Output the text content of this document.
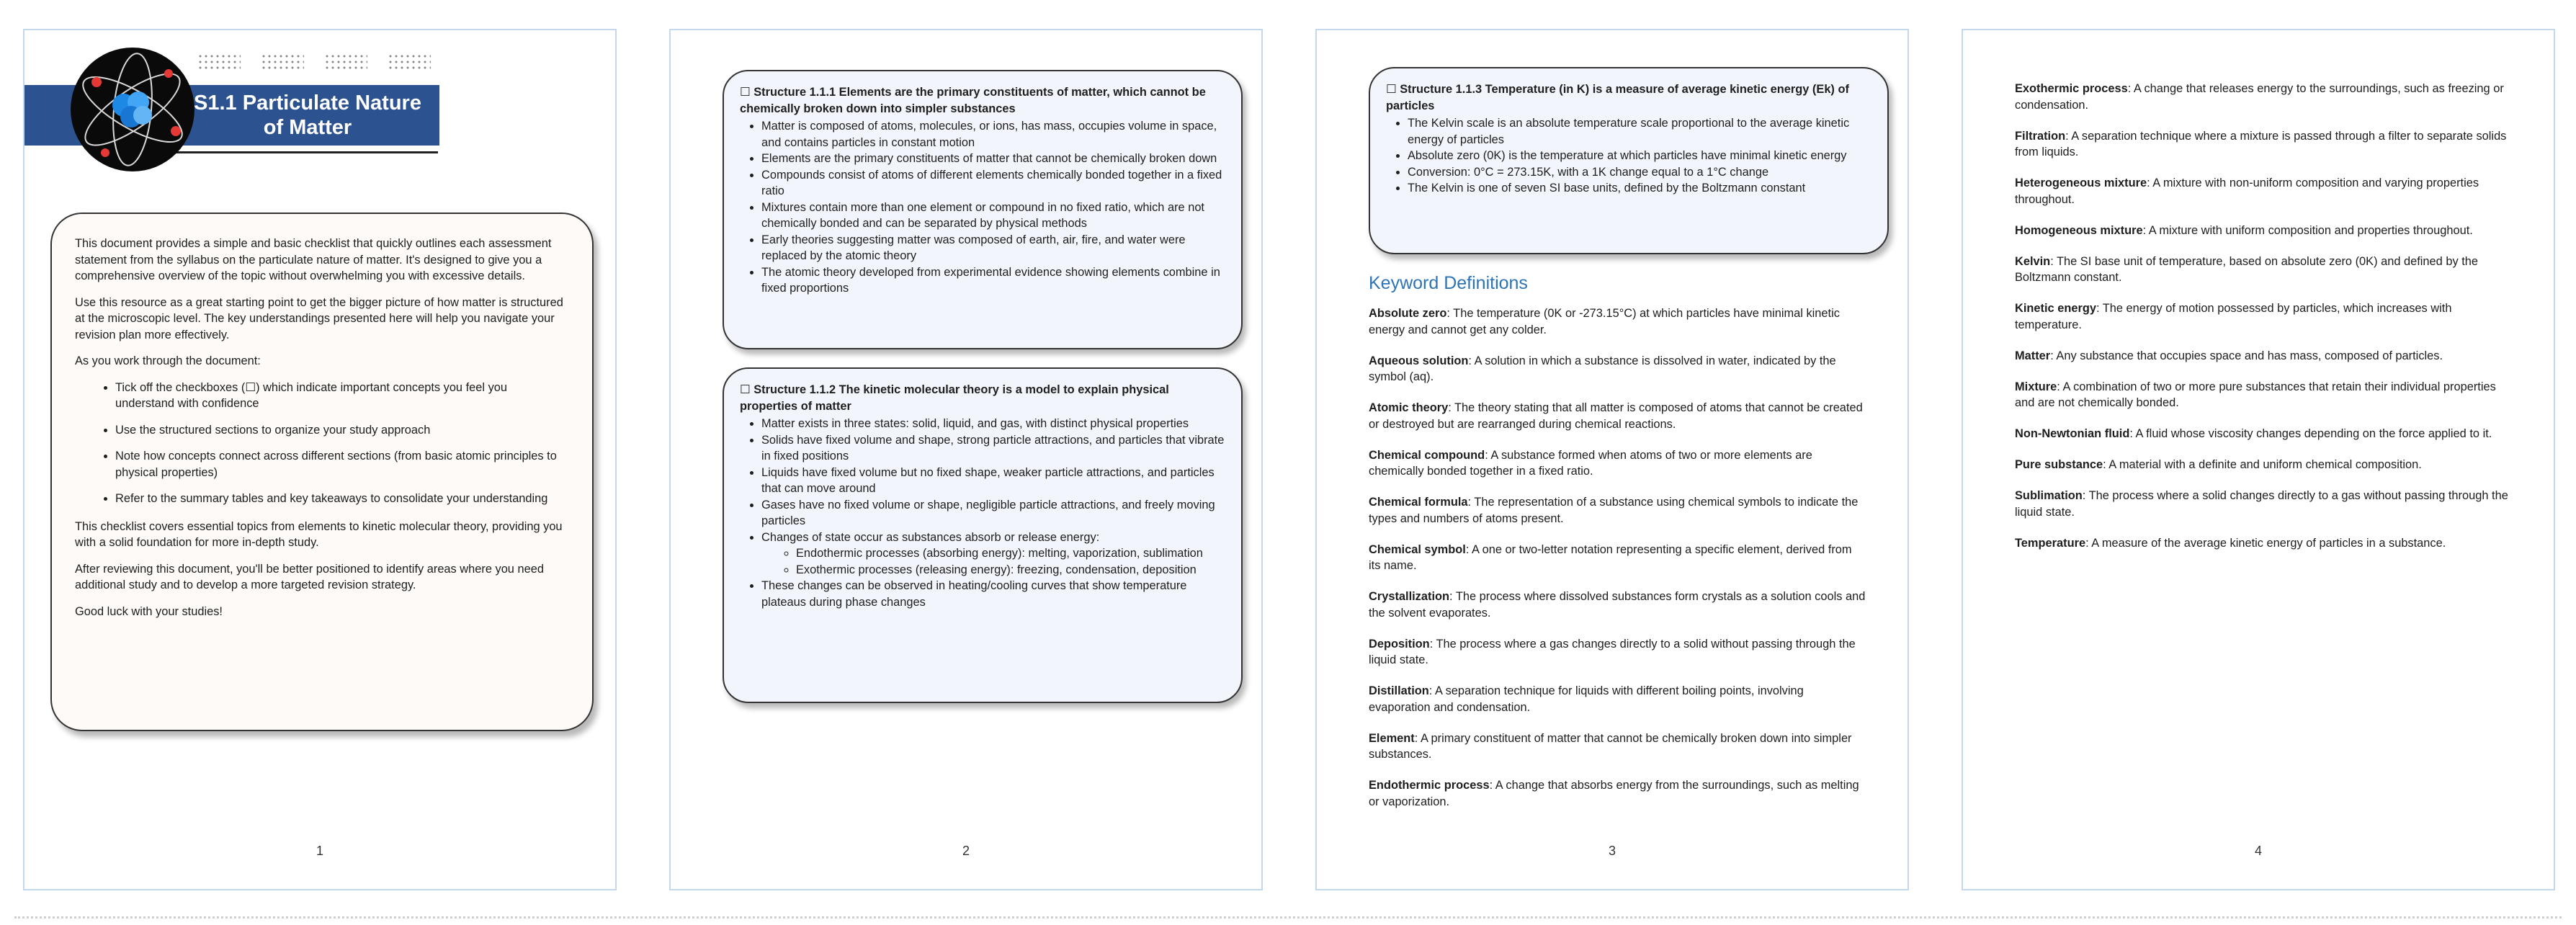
S1.1 Particulate Nature
of Matter

This document provides a simple and basic checklist that quickly outlines each assessment statement from the syllabus on the particulate nature of matter. It's designed to give you a comprehensive overview of the topic without overwhelming you with excessive details.

Use this resource as a great starting point to get the bigger picture of how matter is structured at the microscopic level. The key understandings presented here will help you navigate your revision plan more effectively.

As you work through the document:

• Tick off the checkboxes (☐) which indicate important concepts you feel you understand with confidence
• Use the structured sections to organize your study approach
• Note how concepts connect across different sections (from basic atomic principles to physical properties)
• Refer to the summary tables and key takeaways to consolidate your understanding

This checklist covers essential topics from elements to kinetic molecular theory, providing you with a solid foundation for more in-depth study.

After reviewing this document, you'll be better positioned to identify areas where you need additional study and to develop a more targeted revision strategy.

Good luck with your studies!

1
☐ Structure 1.1.1 Elements are the primary constituents of matter, which cannot be chemically broken down into simpler substances
• Matter is composed of atoms, molecules, or ions, has mass, occupies volume in space, and contains particles in constant motion
• Elements are the primary constituents of matter that cannot be chemically broken down
• Compounds consist of atoms of different elements chemically bonded together in a fixed ratio
• Mixtures contain more than one element or compound in no fixed ratio, which are not chemically bonded and can be separated by physical methods
• Early theories suggesting matter was composed of earth, air, fire, and water were replaced by the atomic theory
• The atomic theory developed from experimental evidence showing elements combine in fixed proportions
☐ Structure 1.1.2 The kinetic molecular theory is a model to explain physical properties of matter
• Matter exists in three states: solid, liquid, and gas, with distinct physical properties
• Solids have fixed volume and shape, strong particle attractions, and particles that vibrate in fixed positions
• Liquids have fixed volume but no fixed shape, weaker particle attractions, and particles that can move around
• Gases have no fixed volume or shape, negligible particle attractions, and freely moving particles
• Changes of state occur as substances absorb or release energy:
◦ Endothermic processes (absorbing energy): melting, vaporization, sublimation
◦ Exothermic processes (releasing energy): freezing, condensation, deposition
• These changes can be observed in heating/cooling curves that show temperature plateaus during phase changes
2
☐ Structure 1.1.3 Temperature (in K) is a measure of average kinetic energy (Ek) of particles
• The Kelvin scale is an absolute temperature scale proportional to the average kinetic energy of particles
• Absolute zero (0K) is the temperature at which particles have minimal kinetic energy
• Conversion: 0°C = 273.15K, with a 1K change equal to a 1°C change
• The Kelvin is one of seven SI base units, defined by the Boltzmann constant
Keyword Definitions

Absolute zero: The temperature (0K or -273.15°C) at which particles have minimal kinetic energy and cannot get any colder.

Aqueous solution: A solution in which a substance is dissolved in water, indicated by the symbol (aq).

Atomic theory: The theory stating that all matter is composed of atoms that cannot be created or destroyed but are rearranged during chemical reactions.

Chemical compound: A substance formed when atoms of two or more elements are chemically bonded together in a fixed ratio.

Chemical formula: The representation of a substance using chemical symbols to indicate the types and numbers of atoms present.

Chemical symbol: A one or two-letter notation representing a specific element, derived from its name.

Crystallization: The process where dissolved substances form crystals as a solution cools and the solvent evaporates.

Deposition: The process where a gas changes directly to a solid without passing through the liquid state.

Distillation: A separation technique for liquids with different boiling points, involving evaporation and condensation.

Element: A primary constituent of matter that cannot be chemically broken down into simpler substances.

Endothermic process: A change that absorbs energy from the surroundings, such as melting or vaporization.

3

Exothermic process: A change that releases energy to the surroundings, such as freezing or condensation.

Filtration: A separation technique where a mixture is passed through a filter to separate solids from liquids.

Heterogeneous mixture: A mixture with non-uniform composition and varying properties throughout.

Homogeneous mixture: A mixture with uniform composition and properties throughout.

Kelvin: The SI base unit of temperature, based on absolute zero (0K) and defined by the Boltzmann constant.

Kinetic energy: The energy of motion possessed by particles, which increases with temperature.

Matter: Any substance that occupies space and has mass, composed of particles.

Mixture: A combination of two or more pure substances that retain their individual properties and are not chemically bonded.

Non-Newtonian fluid: A fluid whose viscosity changes depending on the force applied to it.

Pure substance: A material with a definite and uniform chemical composition.

Sublimation: The process where a solid changes directly to a gas without passing through the liquid state.

Temperature: A measure of the average kinetic energy of particles in a substance.

4
